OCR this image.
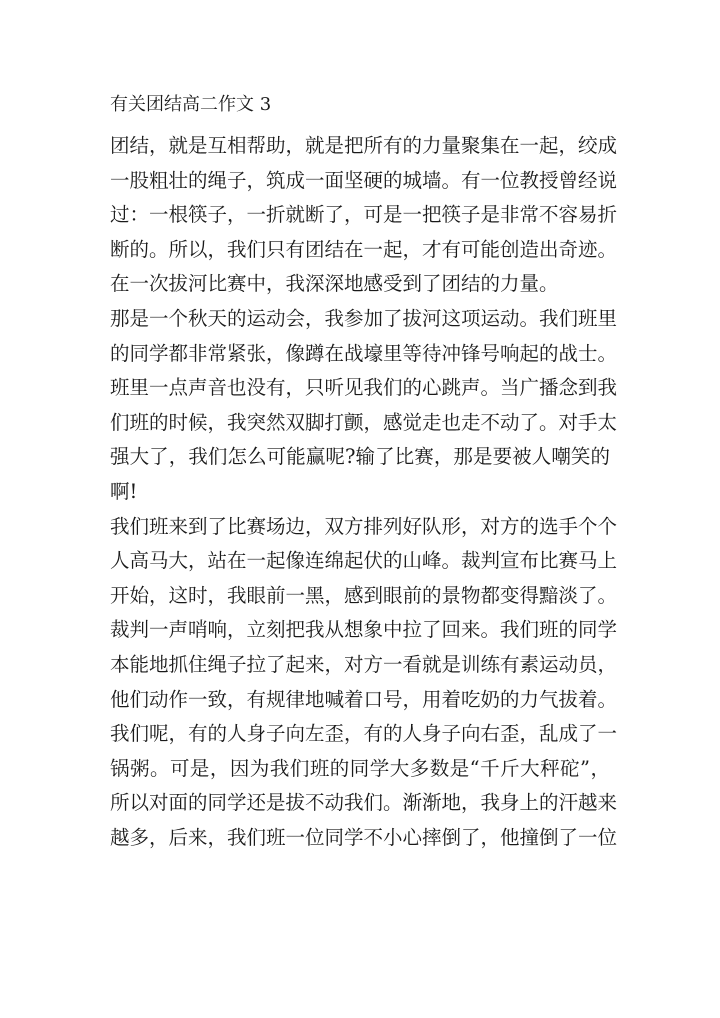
有关团结高二作文 3
团结，就是互相帮助，就是把所有的力量聚集在一起，绞成
一股粗壮的绳子，筑成一面坚硬的城墙。有一位教授曾经说
过：一根筷子，一折就断了，可是一把筷子是非常不容易折
断的。所以，我们只有团结在一起，才有可能创造出奇迹。
在一次拔河比赛中，我深深地感受到了团结的力量。
那是一个秋天的运动会，我参加了拔河这项运动。我们班里
的同学都非常紧张，像蹲在战壕里等待冲锋号响起的战士。
班里一点声音也没有，只听见我们的心跳声。当广播念到我
们班的时候，我突然双脚打颤，感觉走也走不动了。对手太
强大了，我们怎么可能赢呢?输了比赛，那是要被人嘲笑的
啊!
我们班来到了比赛场边，双方排列好队形，对方的选手个个
人高马大，站在一起像连绵起伏的山峰。裁判宣布比赛马上
开始，这时，我眼前一黑，感到眼前的景物都变得黯淡了。
裁判一声哨响，立刻把我从想象中拉了回来。我们班的同学
本能地抓住绳子拉了起来，对方一看就是训练有素运动员，
他们动作一致，有规律地喊着口号，用着吃奶的力气拔着。
我们呢，有的人身子向左歪，有的人身子向右歪，乱成了一
锅粥。可是，因为我们班的同学大多数是“千斤大秤砣”，
所以对面的同学还是拔不动我们。渐渐地，我身上的汗越来
越多，后来，我们班一位同学不小心摔倒了，他撞倒了一位
